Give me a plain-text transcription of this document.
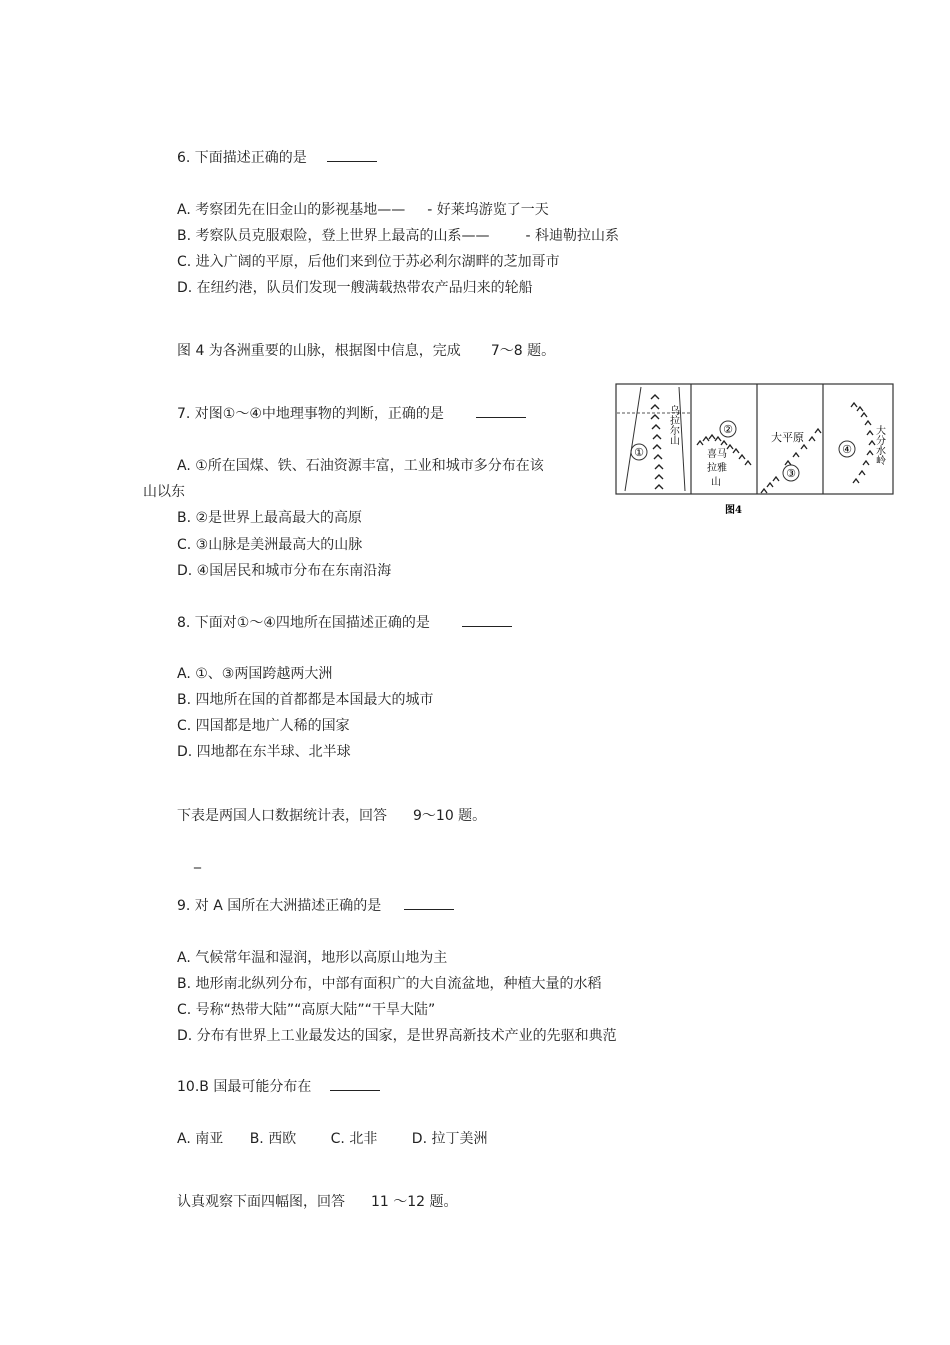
6. 下面描述正确的是
A. 考察团先在旧金山的影视基地—— - 好莱坞游览了一天
B. 考察队员克服艰险，登上世界上最高的山系——	- 科迪勒拉山系
C. 进入广阔的平原，后他们来到位于苏必利尔湖畔的芝加哥市
D. 在纽约港，队员们发现一艘满载热带农产品归来的轮船
图 4 为各洲重要的山脉，根据图中信息，完成 7～8 题。
7. 对图①～④中地理事物的判断，正确的是
A. ①所在国煤、铁、石油资源丰富，工业和城市多分布在该
山以东
B. ②是世界上最高最大的高原
C. ③山脉是美洲最高大的山脉
D. ④国居民和城市分布在东南沿海
①
乌拉尔山	②
喜马拉雅山
大平原
③
④ 大分水岭
图4
8. 下面对①～④四地所在国描述正确的是
A. ①、③两国跨越两大洲
B. 四地所在国的首都都是本国最大的城市
C. 四国都是地广人稀的国家
D. 四地都在东半球、北半球
下表是两国人口数据统计表，回答 9～10 题。
_
9. 对 A 国所在大洲描述正确的是
A. 气候常年温和湿润，地形以高原山地为主
B. 地形南北纵列分布，中部有面积广的大自流盆地，种植大量的水稻
C. 号称“热带大陆”“高原大陆”“干旱大陆”
D. 分布有世界上工业最发达的国家，是世界高新技术产业的先驱和典范
10.B 国最可能分布在
A. 南亚 B. 西欧 C. 北非 D. 拉丁美洲
认真观察下面四幅图，回答 11 ～12 题。
